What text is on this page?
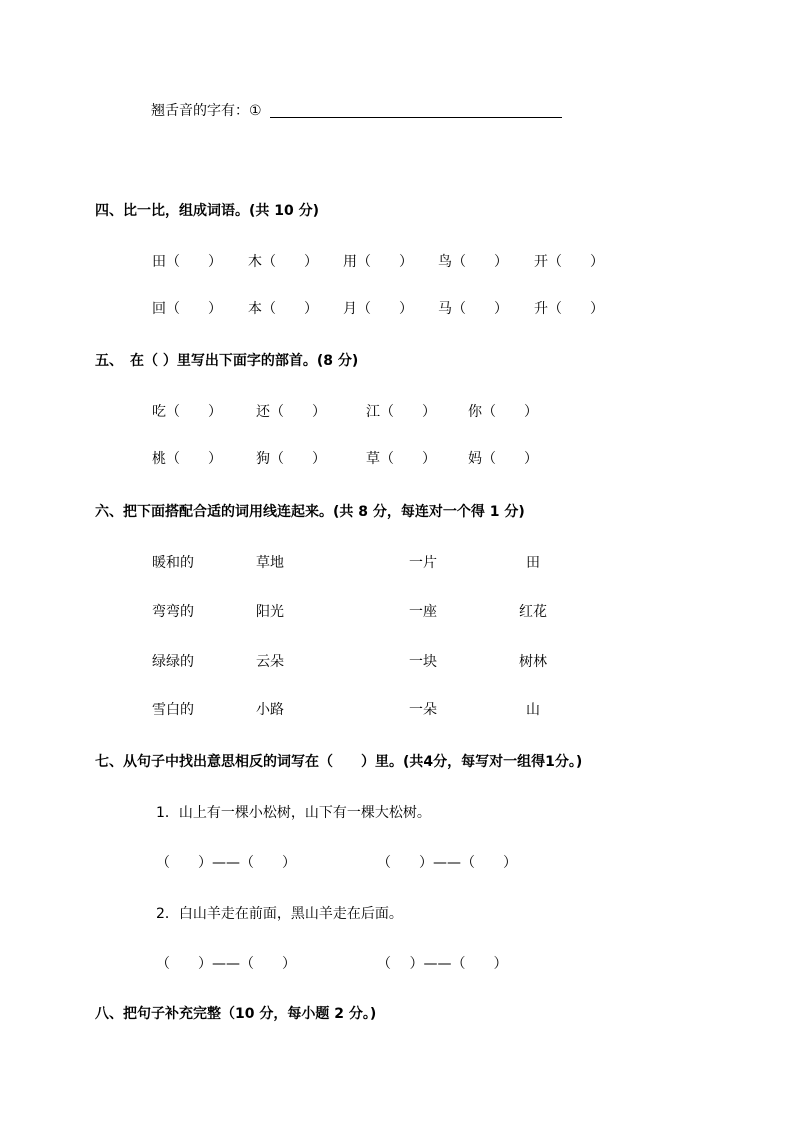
翘舌音的字有：①
四、比一比，组成词语。(共 10 分)
田（　　） 木（　　） 用（　　） 鸟（　　） 开（　　）
回（　　） 本（　　） 月（　　） 马（　　） 升（　　）
五、　在（ ）里写出下面字的部首。(8 分)
吃（　　） 还（　　）	江（　　） 你（　　）
桃（　　） 狗（　　）	草（　　） 妈（　　）
六、把下面搭配合适的词用线连起来。(共 8 分，每连对一个得 1 分)
暖和的	草地	一片	田
弯弯的	阳光	一座	红花
绿绿的	云朵	一块	树林
雪白的	小路	一朵	山
七、从句子中找出意思相反的词写在（　　）里。(共4分，每写对一组得1分。)
1．山上有一棵小松树，山下有一棵大松树。
（　　）——（　　）	（　　）——（　　）
2．白山羊走在前面，黑山羊走在后面。
（　　）——（　　）	（　 ）——（　　）
八、把句子补充完整（10 分，每小题 2 分。)
